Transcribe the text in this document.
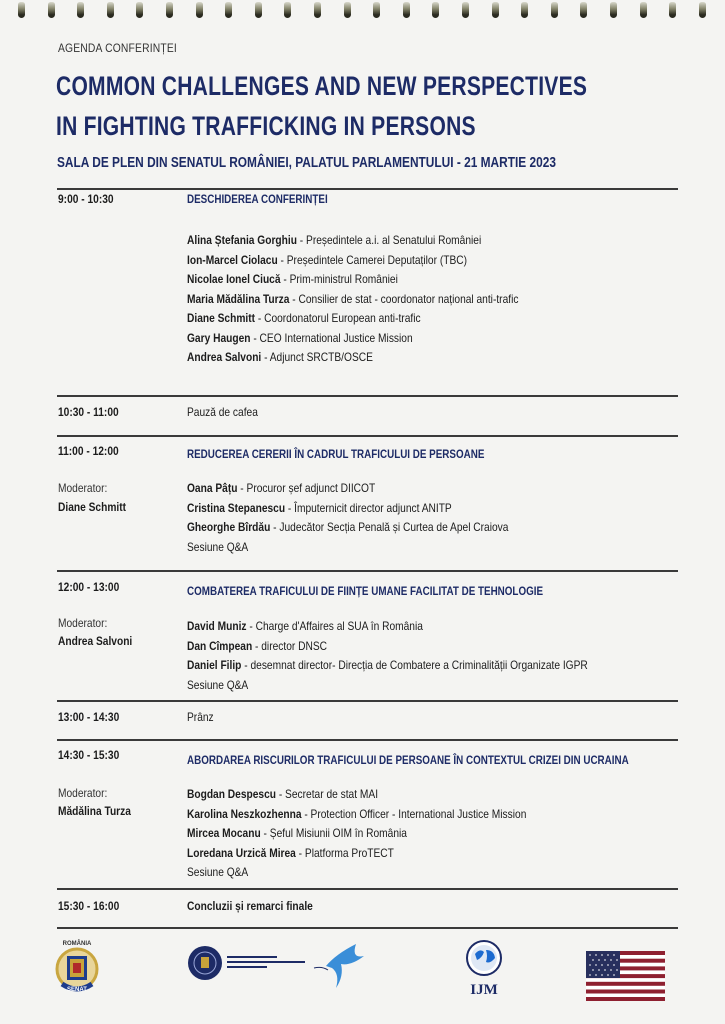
AGENDA CONFERINȚEI
COMMON CHALLENGES AND NEW PERSPECTIVES
IN FIGHTING TRAFFICKING IN PERSONS
SALA DE PLEN DIN SENATUL ROMÂNIEI, PALATUL PARLAMENTULUI - 21 MARTIE 2023
9:00 - 10:30	DESCHIDEREA CONFERINȚEI
Alina Ștefania Gorghiu - Președintele a.i. al Senatului României
Ion-Marcel Ciolacu - Președintele Camerei Deputaților (TBC)
Nicolae Ionel Ciucă - Prim-ministrul României
Maria Mădălina Turza - Consilier de stat - coordonator național anti-trafic
Diane Schmitt - Coordonatorul European anti-trafic
Gary Haugen - CEO International Justice Mission
Andrea Salvoni - Adjunct SRCTB/OSCE
10:30 - 11:00	Pauză de cafea
11:00 - 12:00	REDUCEREA CERERII ÎN CADRUL TRAFICULUI DE PERSOANE
Moderator:
Diane Schmitt
Oana Pâțu - Procuror șef adjunct DIICOT
Cristina Stepanescu - Împuternicit director adjunct ANITP
Gheorghe Bîrdău - Judecător Secția Penală și Curtea de Apel Craiova
Sesiune Q&A
12:00 - 13:00	COMBATEREA TRAFICULUI DE FIINȚE UMANE FACILITAT DE TEHNOLOGIE
Moderator:
Andrea Salvoni
David Muniz - Charge d'Affaires al SUA în România
Dan Cîmpean - director DNSC
Daniel Filip - desemnat director- Direcția de Combatere a Criminalității Organizate IGPR
Sesiune Q&A
13:00 - 14:30	Prânz
14:30 - 15:30	ABORDAREA RISCURILOR TRAFICULUI DE PERSOANE ÎN CONTEXTUL CRIZEI DIN UCRAINA
Moderator:
Mădălina Turza
Bogdan Despescu - Secretar de stat MAI
Karolina Neszkozhenna - Protection Officer - International Justice Mission
Mircea Mocanu - Șeful Misiunii OIM în România
Loredana Urzică Mirea - Platforma ProTECT
Sesiune Q&A
15:30 - 16:00	Concluzii și remarci finale
ROMÂNIA
SENAT	IJM
